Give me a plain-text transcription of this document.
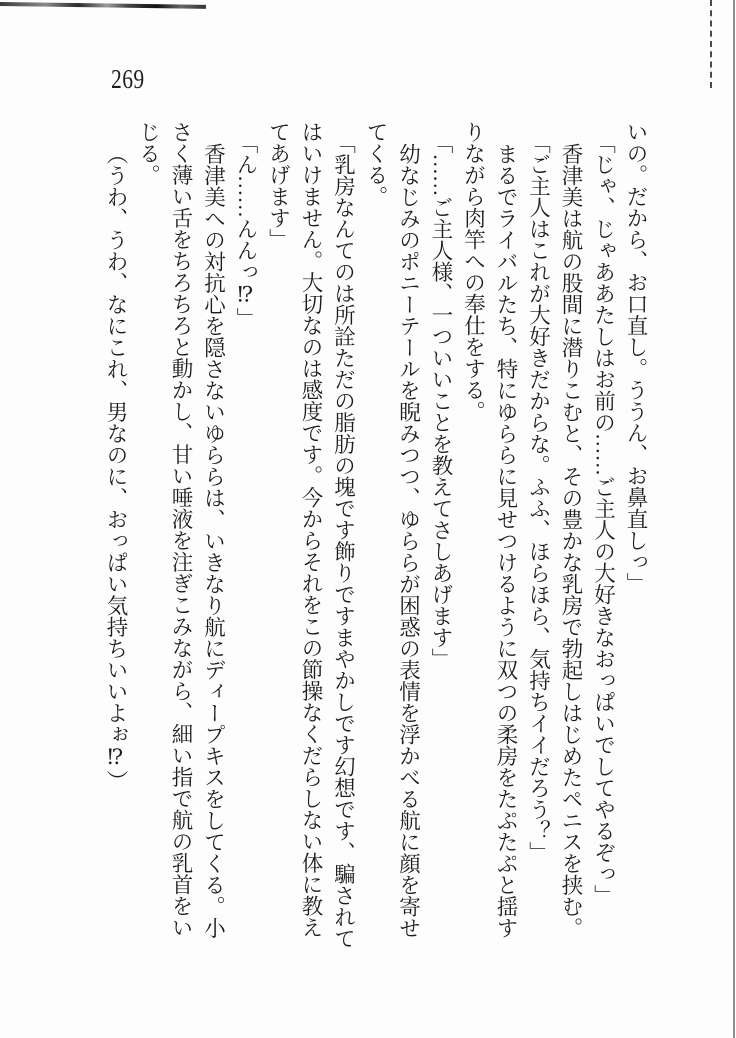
269
いの。だから、お口直し。ううん、お鼻直しっ」
「じゃ、じゃああたしはお前の……ご主人の大好きなおっぱいでしてやるぞっ」
香津美は航の股間に潜りこむと、その豊かな乳房で勃起しはじめたペニスを挟む。
「ご主人はこれが大好きだからな。ふふ、ほらほら、気持ちイイだろう？」
まるでライバルたち、特にゆららに見せつけるように双つの柔房をたぷたぷと揺す
りながら肉竿への奉仕をする。
「……ご主人様、一ついいことを教えてさしあげます」
幼なじみのポニーテールを睨みつつ、ゆららが困惑の表情を浮かべる航に顔を寄せ
てくる。
「乳房なんてのは所詮ただの脂肪の塊です飾りですまやかしです幻想です、騙されて
はいけません。大切なのは感度です。今からそれをこの節操なくだらしない体に教え
てあげます」
「ん……んんっ⁉」
香津美への対抗心を隠さないゆららは、いきなり航にディープキスをしてくる。小
さく薄い舌をちろちろと動かし、甘い唾液を注ぎこみながら、細い指で航の乳首をい
じる。
（うわ、うわ、なにこれ、男なのに、おっぱい気持ちいいよぉ⁉）
